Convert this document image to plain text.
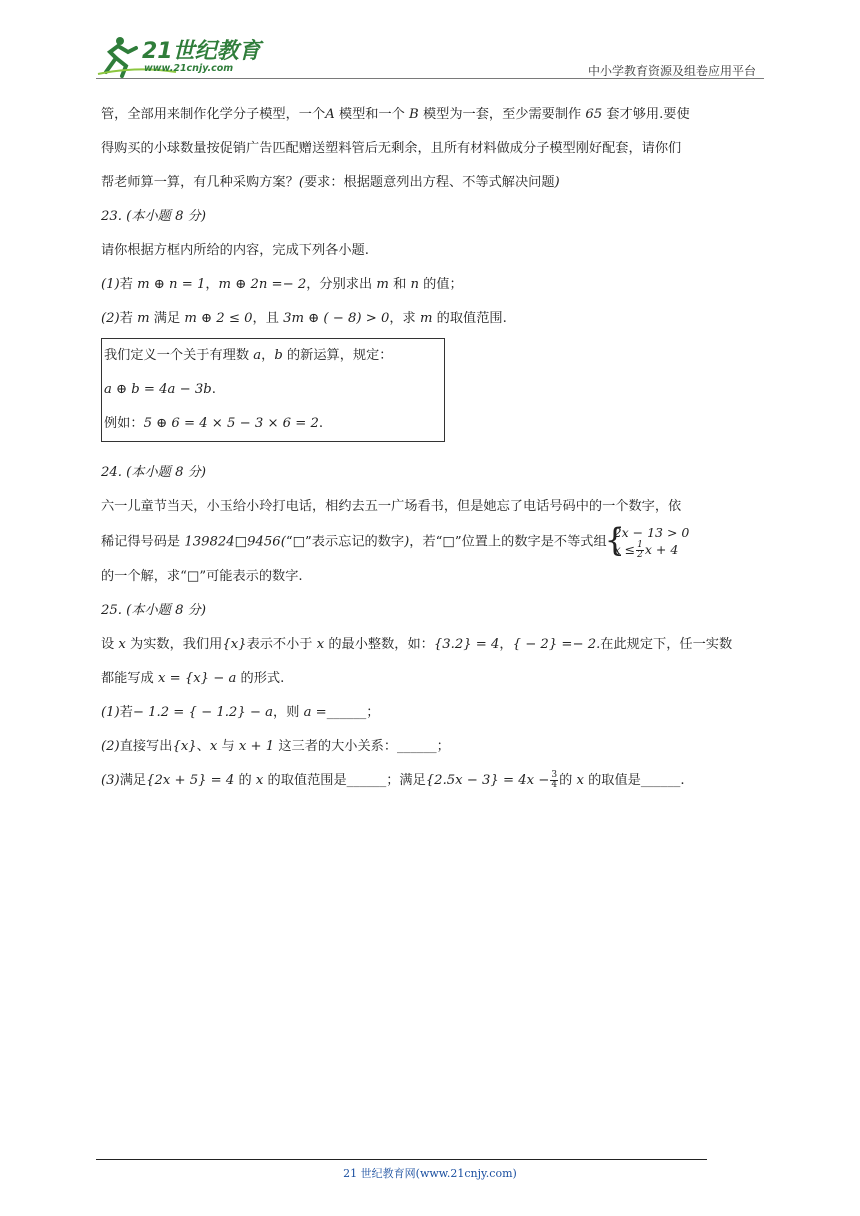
21世纪教育
www.21cnjy.com	中小学教育资源及组卷应用平台

管，全部用来制作化学分子模型，一个A 模型和一个 B 模型为一套，至少需要制作 65 套才够用.要使

得购买的小球数量按促销广告匹配赠送塑料管后无剩余，且所有材料做成分子模型刚好配套，请你们

帮老师算一算，有几种采购方案？(要求：根据题意列出方程、不等式解决问题)

23. (本小题 8 分)

请你根据方框内所给的内容，完成下列各小题.

(1)若 m ⊕ n = 1，m ⊕ 2n =− 2，分别求出 m 和 n 的值；

(2)若 m 满足 m ⊕ 2 ≤ 0，且 3m ⊕ ( − 8) > 0，求 m 的取值范围.

我们定义一个关于有理数 a，b 的新运算，规定：

a ⊕ b = 4a − 3b.

例如：5 ⊕ 6 = 4 × 5 − 3 × 6 = 2.

24. (本小题 8 分)

六一儿童节当天，小玉给小玲打电话，相约去五一广场看书，但是她忘了电话号码中的一个数字，依

稀记得号码是 139824□9456(“□”表示忘记的数字)，若“□”位置上的数字是不等式组
{ 2x − 13 > 0
$x \le \frac{1}{2}$ x + 4

的一个解，求“□”可能表示的数字.

25. (本小题 8 分)

设 x 为实数，我们用{x}表示不小于 x 的最小整数，如：{3.2} = 4，{ − 2} =− 2.在此规定下，任一实数

都能写成 x = {x} − a 的形式.

(1)若− 1.2 = { − 1.2} − a，则 a =______；

(2)直接写出{x}、x 与 x + 1 这三者的大小关系：______；

(3)满足{2x + 5} = 4 的 x 的取值范围是______；满足$\{2.5x - 3\} = 4x - \frac{3}{4}$ 的 x 的取值是______.

21 世纪教育网(www.21cnjy.com)
